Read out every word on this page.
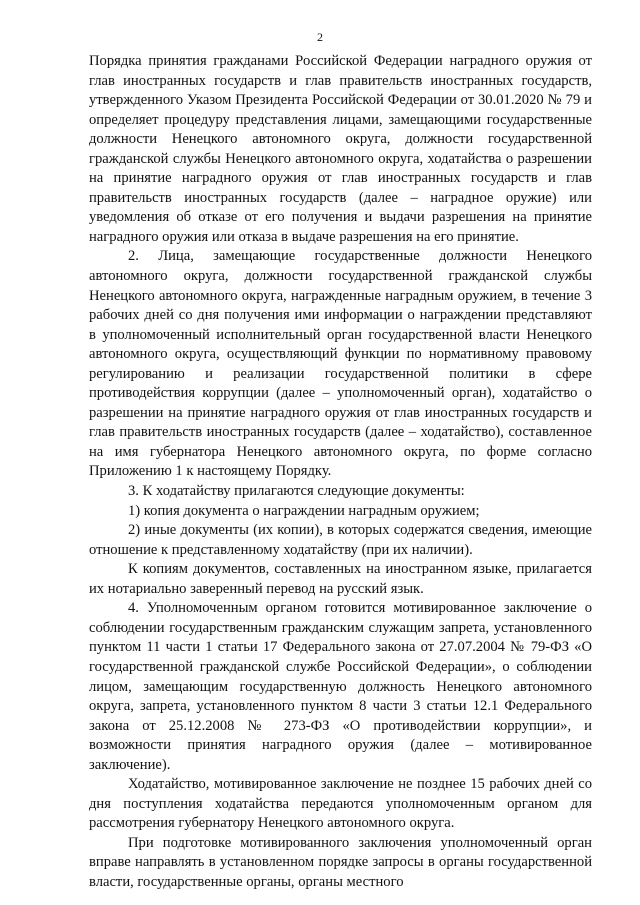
2

Порядка принятия гражданами Российской Федерации наградного оружия от глав иностранных государств и глав правительств иностранных государств, утвержденного Указом Президента Российской Федерации от 30.01.2020 № 79 и определяет процедуру представления лицами, замещающими государственные должности Ненецкого автономного округа, должности государственной гражданской службы Ненецкого автономного округа, ходатайства о разрешении на принятие наградного оружия от глав иностранных государств и глав правительств иностранных государств (далее – наградное оружие) или уведомления об отказе от его получения и выдачи разрешения на принятие наградного оружия или отказа в выдаче разрешения на его принятие.

2. Лица, замещающие государственные должности Ненецкого автономного округа, должности государственной гражданской службы Ненецкого автономного округа, награжденные наградным оружием, в течение 3 рабочих дней со дня получения ими информации о награждении представляют в уполномоченный исполнительный орган государственной власти Ненецкого автономного округа, осуществляющий функции по нормативному правовому регулированию и реализации государственной политики в сфере противодействия коррупции (далее – уполномоченный орган), ходатайство о разрешении на принятие наградного оружия от глав иностранных государств и глав правительств иностранных государств (далее – ходатайство), составленное на имя губернатора Ненецкого автономного округа, по форме согласно Приложению 1 к настоящему Порядку.

3. К ходатайству прилагаются следующие документы:

1) копия документа о награждении наградным оружием;

2) иные документы (их копии), в которых содержатся сведения, имеющие отношение к представленному ходатайству (при их наличии).

К копиям документов, составленных на иностранном языке, прилагается их нотариально заверенный перевод на русский язык.

4. Уполномоченным органом готовится мотивированное заключение о соблюдении государственным гражданским служащим запрета, установленного пунктом 11 части 1 статьи 17 Федерального закона от 27.07.2004 № 79-ФЗ «О государственной гражданской службе Российской Федерации», о соблюдении лицом, замещающим государственную должность Ненецкого автономного округа, запрета, установленного пунктом 8 части 3 статьи 12.1 Федерального закона от 25.12.2008 № 273-ФЗ «О противодействии коррупции», и возможности принятия наградного оружия (далее – мотивированное заключение).

Ходатайство, мотивированное заключение не позднее 15 рабочих дней со дня поступления ходатайства передаются уполномоченным органом для рассмотрения губернатору Ненецкого автономного округа.

При подготовке мотивированного заключения уполномоченный орган вправе направлять в установленном порядке запросы в органы государственной власти, государственные органы, органы местного
